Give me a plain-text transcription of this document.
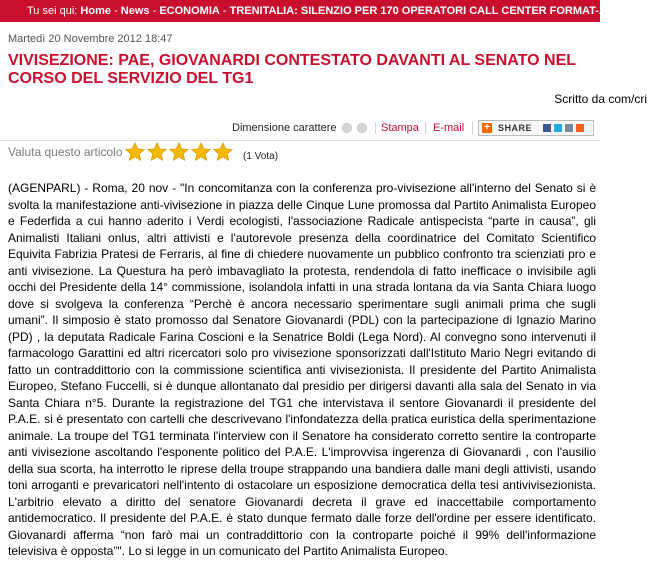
Tu sei qui: Home - News - ECONOMIA - TRENITALIA: SILENZIO PER 170 OPERATORI CALL CENTER FORMAT-ALMAVIVA
Martedì 20 Novembre 2012 18:47
VIVISEZIONE: PAE, GIOVANARDI CONTESTATO DAVANTI AL SENATO NEL CORSO DEL SERVIZIO DEL TG1
Scritto da com/cri
Dimensione carattere	Stampa E-mail + SHARE
Valuta questo articolo	(1 Vota)

(AGENPARL) - Roma, 20 nov - "In concomitanza con la conferenza pro-vivisezione all'interno del Senato si è svolta la manifestazione anti-vivisezione in piazza delle Cinque Lune promossa dal Partito Animalista Europeo e Federfida a cui hanno aderito i Verdi ecologisti, l'associazione Radicale antispecista “parte in causa”, gli Animalisti Italiani onlus, altri attivisti e l'autorevole presenza della coordinatrice del Comitato Scientifico Equivita Fabrizia Pratesi de Ferraris, al fine di chiedere nuovamente un pubblico confronto tra scienziati pro e anti vivisezione. La Questura ha però imbavagliato la protesta, rendendola di fatto inefficace o invisibile agli occhi del Presidente della 14° commissione, isolandola infatti in una strada lontana da via Santa Chiara luogo dove si svolgeva la conferenza “Perchè è ancora necessario sperimentare sugli animali prima che sugli umani”. Il simposio è stato promosso dal Senatore Giovanardi (PDL) con la partecipazione di Ignazio Marino (PD) , la deputata Radicale Farina Coscioni e la Senatrice Boldi (Lega Nord). Al convegno sono intervenuti il farmacologo Garattini ed altri ricercatori solo pro vivisezione sponsorizzati dall'Istituto Mario Negri evitando di fatto un contraddittorio con la commissione scientifica anti vivisezionista. Il presidente del Partito Animalista Europeo, Stefano Fuccelli, si è dunque allontanato dal presidio per dirigersi davanti alla sala del Senato in via Santa Chiara n°5. Durante la registrazione del TG1 che intervistava il sentore Giovanardi il presidente del P.A.E. si è presentato con cartelli che descrivevano l'infondatezza della pratica euristica della sperimentazione animale. La troupe del TG1 terminata l'interview con il Senatore ha considerato corretto sentire la controparte anti vivisezione ascoltando l'esponente politico del P.A.E. L'improvvisa ingerenza di Giovanardi , con l'ausilio della sua scorta, ha interrotto le riprese della troupe strappando una bandiera dalle mani degli attivisti, usando toni arroganti e prevaricatori nell'intento di ostacolare un esposizione democratica della tesi antivivisezionista. L'arbitrio elevato a diritto del senatore Giovanardi decreta il grave ed inaccettabile comportamento antidemocratico. Il presidente del P.A.E. è stato dunque fermato dalle forze dell'ordine per essere identificato. Giovanardi afferma “non farò mai un contraddittorio con la controparte poiché il 99% dell'informazione televisiva è opposta”". Lo si legge in un comunicato del Partito Animalista Europeo.
